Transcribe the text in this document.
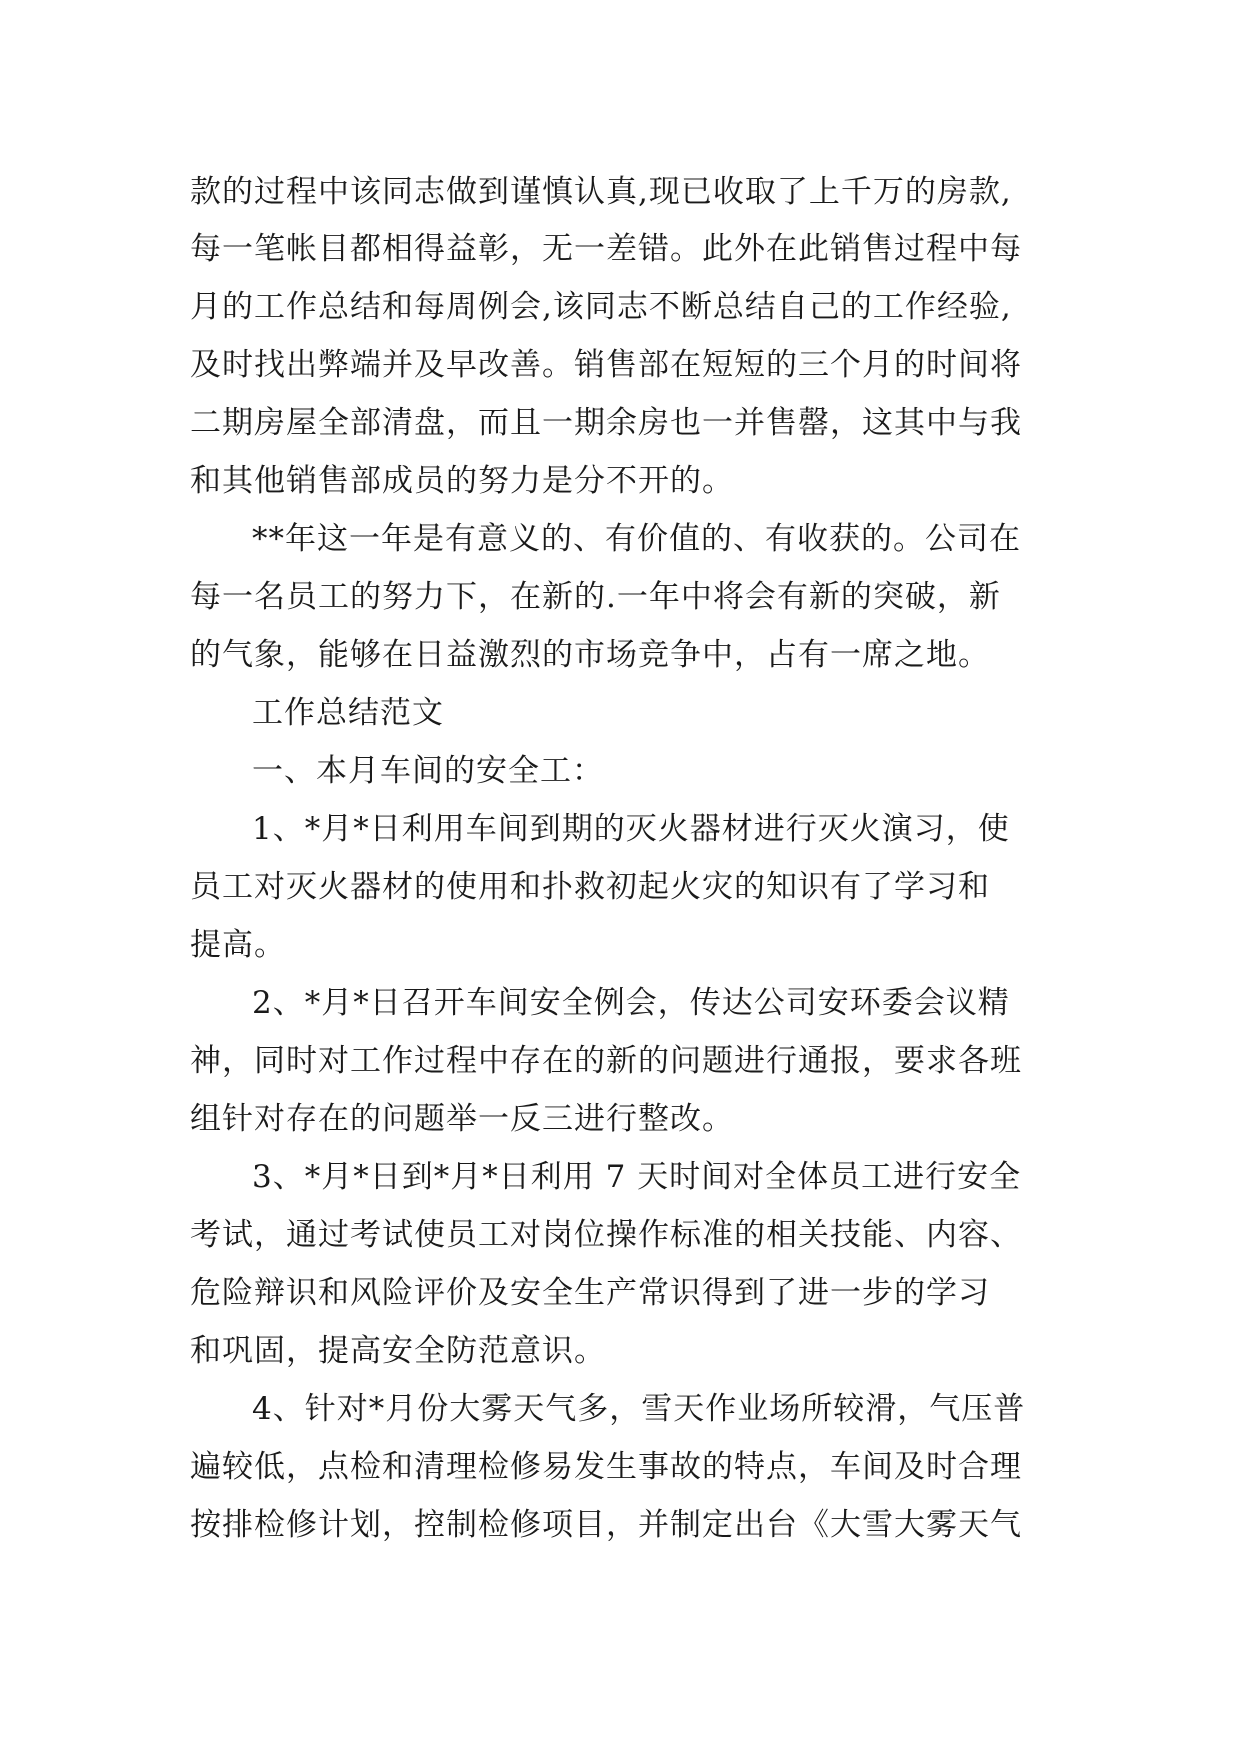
款的过程中该同志做到谨慎认真,现已收取了上千万的房款,
每一笔帐目都相得益彰，无一差错。此外在此销售过程中每
月的工作总结和每周例会,该同志不断总结自己的工作经验,
及时找出弊端并及早改善。销售部在短短的三个月的时间将
二期房屋全部清盘，而且一期余房也一并售罄，这其中与我
和其他销售部成员的努力是分不开的。
**年这一年是有意义的、有价值的、有收获的。公司在
每一名员工的努力下，在新的.一年中将会有新的突破，新
的气象，能够在日益激烈的市场竞争中，占有一席之地。
工作总结范文
一、本月车间的安全工：
1、*月*日利用车间到期的灭火器材进行灭火演习，使
员工对灭火器材的使用和扑救初起火灾的知识有了学习和
提高。
2、*月*日召开车间安全例会，传达公司安环委会议精
神，同时对工作过程中存在的新的问题进行通报，要求各班
组针对存在的问题举一反三进行整改。
3、*月*日到*月*日利用 7 天时间对全体员工进行安全
考试，通过考试使员工对岗位操作标准的相关技能、内容、
危险辩识和风险评价及安全生产常识得到了进一步的学习
和巩固，提高安全防范意识。
4、针对*月份大雾天气多，雪天作业场所较滑，气压普
遍较低，点检和清理检修易发生事故的特点，车间及时合理
按排检修计划，控制检修项目，并制定出台《大雪大雾天气
